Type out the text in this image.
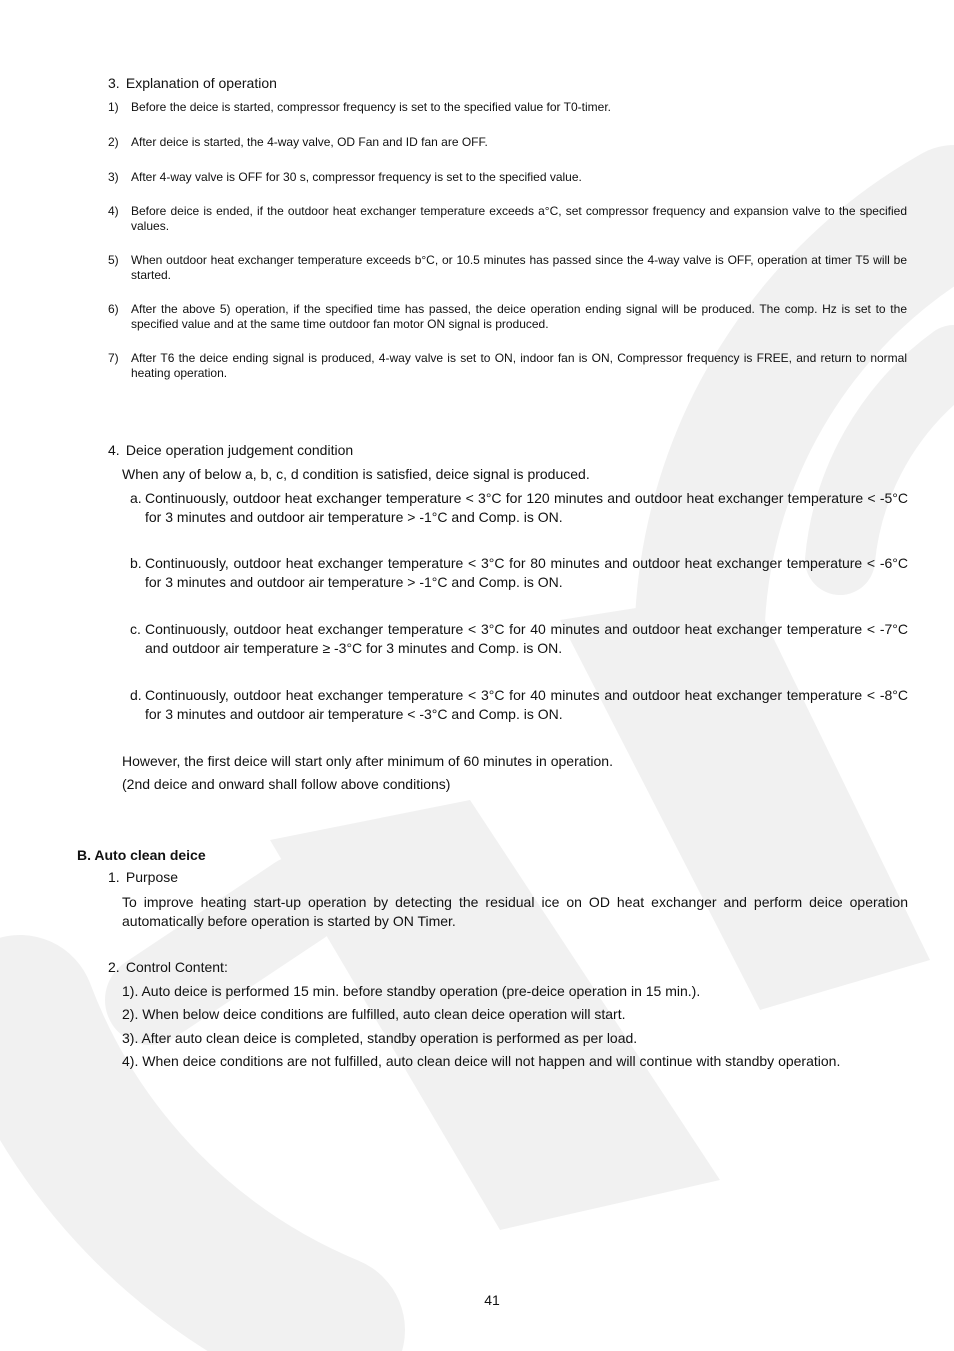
3. Explanation of operation
1) Before the deice is started, compressor frequency is set to the specified value for T0-timer.
2) After deice is started, the 4-way valve, OD Fan and ID fan are OFF.
3) After 4-way valve is OFF for 30 s, compressor frequency is set to the specified value.
4) Before deice is ended, if the outdoor heat exchanger temperature exceeds a°C, set compressor frequency and expansion valve to the specified values.
5) When outdoor heat exchanger temperature exceeds b°C, or 10.5 minutes has passed since the 4-way valve is OFF, operation at timer T5 will be started.
6) After the above 5) operation, if the specified time has passed, the deice operation ending signal will be produced. The comp. Hz is set to the specified value and at the same time outdoor fan motor ON signal is produced.
7) After T6 the deice ending signal is produced, 4-way valve is set to ON, indoor fan is ON, Compressor frequency is FREE, and return to normal heating operation.
4. Deice operation judgement condition
When any of below a, b, c, d condition is satisfied, deice signal is produced.
a. Continuously, outdoor heat exchanger temperature < 3°C for 120 minutes and outdoor heat exchanger temperature < -5°C for 3 minutes and outdoor air temperature > -1°C and Comp. is ON.
b. Continuously, outdoor heat exchanger temperature < 3°C for 80 minutes and outdoor heat exchanger temperature < -6°C for 3 minutes and outdoor air temperature > -1°C and Comp. is ON.
c. Continuously, outdoor heat exchanger temperature < 3°C for 40 minutes and outdoor heat exchanger temperature < -7°C and outdoor air temperature ≥ -3°C for 3 minutes and Comp. is ON.
d. Continuously, outdoor heat exchanger temperature < 3°C for 40 minutes and outdoor heat exchanger temperature < -8°C for 3 minutes and outdoor air temperature < -3°C and Comp. is ON.
However, the first deice will start only after minimum of 60 minutes in operation.
(2nd deice and onward shall follow above conditions)
B. Auto clean deice
1. Purpose
To improve heating start-up operation by detecting the residual ice on OD heat exchanger and perform deice operation automatically before operation is started by ON Timer.
2. Control Content:
1). Auto deice is performed 15 min. before standby operation (pre-deice operation in 15 min.).
2). When below deice conditions are fulfilled, auto clean deice operation will start.
3). After auto clean deice is completed, standby operation is performed as per load.
4). When deice conditions are not fulfilled, auto clean deice will not happen and will continue with standby operation.
41
